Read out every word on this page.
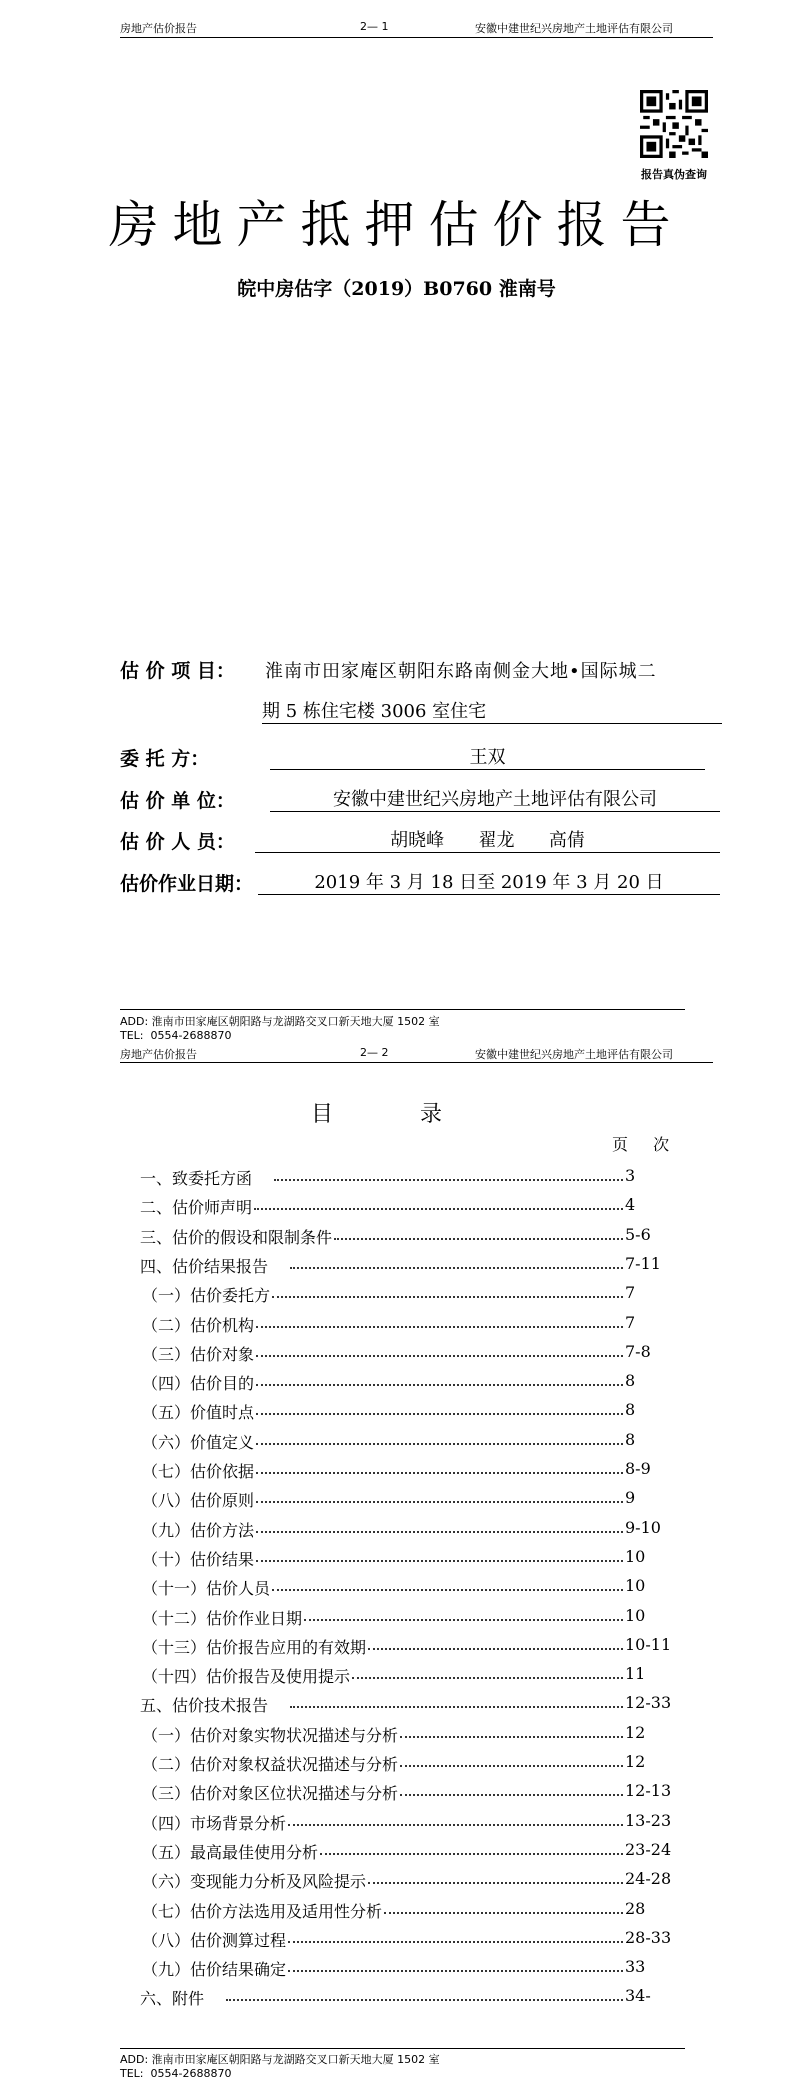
房地产估价报告	2— 1	安徽中建世纪兴房地产土地评估有限公司
报告真伪查询
房地产抵押估价报告
皖中房估字（2019）B0760 淮南号
估 价 项 目： 淮南市田家庵区朝阳东路南侧金大地•国际城二
期 5 栋住宅楼 3006 室住宅
委 托 方：	王双
估 价 单 位：	安徽中建世纪兴房地产土地评估有限公司
估 价 人 员：	胡晓峰      翟龙      高倩
估价作业日期：	2019 年 3 月 18 日至 2019 年 3 月 20 日
ADD: 淮南市田家庵区朝阳路与龙湖路交叉口新天地大厦 1502 室
TEL:  0554-2688870
房地产估价报告	2— 2	安徽中建世纪兴房地产土地评估有限公司
目 录
页 次
一、致委托方函	3
二、估价师声明	4
三、估价的假设和限制条件	5-6
四、估价结果报告	7-11
（一）估价委托方	7
（二）估价机构	7
（三）估价对象	7-8
（四）估价目的	8
（五）价值时点	8
（六）价值定义	8
（七）估价依据	8-9
（八）估价原则	9
（九）估价方法	9-10
（十）估价结果	10
（十一）估价人员	10
（十二）估价作业日期	10
（十三）估价报告应用的有效期	10-11
（十四）估价报告及使用提示	11
五、估价技术报告	12-33
（一）估价对象实物状况描述与分析	12
（二）估价对象权益状况描述与分析	12
（三）估价对象区位状况描述与分析	12-13
（四）市场背景分析	13-23
（五）最高最佳使用分析	23-24
（六）变现能力分析及风险提示	24-28
（七）估价方法选用及适用性分析	28
（八）估价测算过程	28-33
（九）估价结果确定	33
六、附件	34-
ADD: 淮南市田家庵区朝阳路与龙湖路交叉口新天地大厦 1502 室
TEL:  0554-2688870
